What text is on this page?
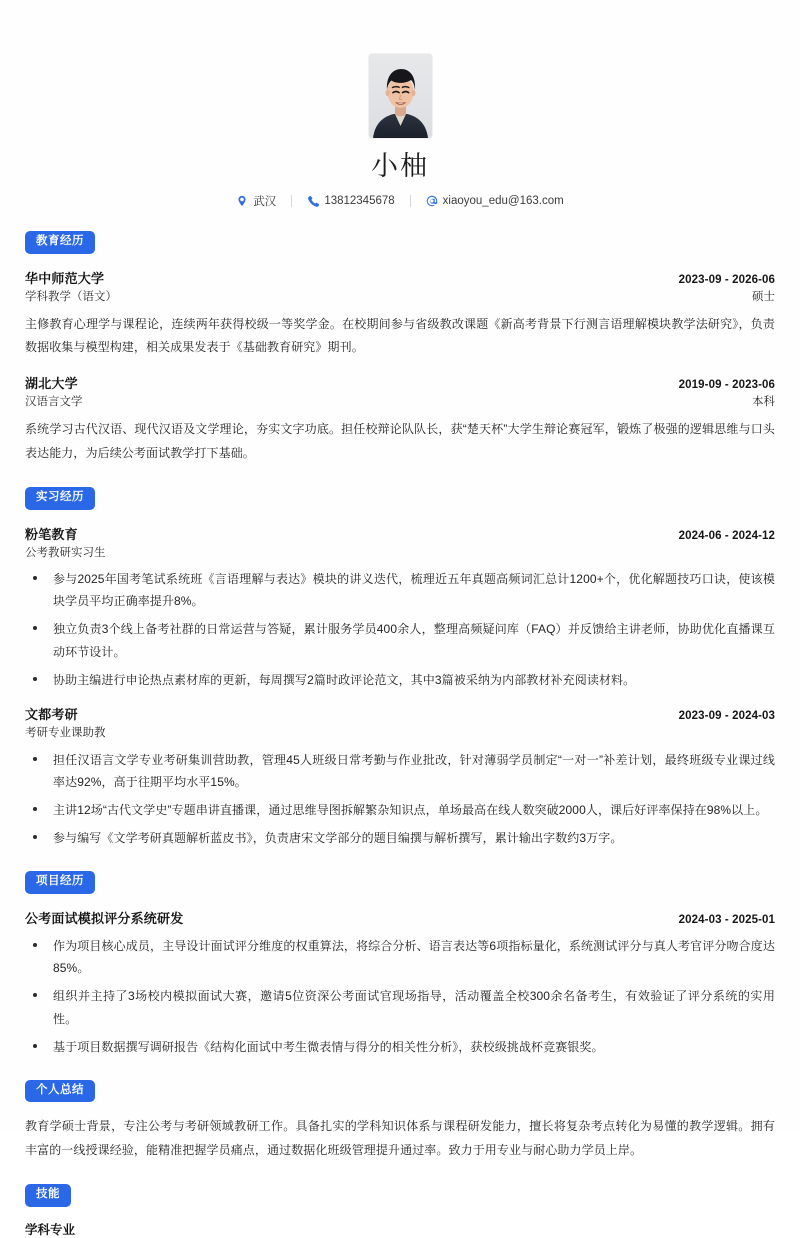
小柚
武汉	13812345678	xiaoyou_edu@163.com
教育经历
华中师范大学	2023-09 - 2026-06
学科教学（语文）	硕士

主修教育心理学与课程论，连续两年获得校级一等奖学金。在校期间参与省级教改课题《新高考背景下行测言语理解模块教学法研究》，负责数据收集与模型构建，相关成果发表于《基础教育研究》期刊。

湖北大学	2019-09 - 2023-06
汉语言文学	本科

系统学习古代汉语、现代汉语及文学理论，夯实文字功底。担任校辩论队队长，获“楚天杯”大学生辩论赛冠军，锻炼了极强的逻辑思维与口头表达能力，为后续公考面试教学打下基础。

实习经历
粉笔教育	2024-06 - 2024-12
公考教研实习生
参与2025年国考笔试系统班《言语理解与表达》模块的讲义迭代，梳理近五年真题高频词汇总计1200+个，优化解题技巧口诀，使该模块学员平均正确率提升8%。
独立负责3个线上备考社群的日常运营与答疑，累计服务学员400余人，整理高频疑问库（FAQ）并反馈给主讲老师，协助优化直播课互动环节设计。
协助主编进行申论热点素材库的更新，每周撰写2篇时政评论范文，其中3篇被采纳为内部教材补充阅读材料。
文都考研	2023-09 - 2024-03
考研专业课助教
担任汉语言文学专业考研集训营助教，管理45人班级日常考勤与作业批改，针对薄弱学员制定“一对一”补差计划，最终班级专业课过线率达92%，高于往期平均水平15%。
主讲12场“古代文学史”专题串讲直播课，通过思维导图拆解繁杂知识点，单场最高在线人数突破2000人，课后好评率保持在98%以上。
参与编写《文学考研真题解析蓝皮书》，负责唐宋文学部分的题目编撰与解析撰写，累计输出字数约3万字。
项目经历
公考面试模拟评分系统研发	2024-03 - 2025-01
作为项目核心成员，主导设计面试评分维度的权重算法，将综合分析、语言表达等6项指标量化，系统测试评分与真人考官评分吻合度达85%。
组织并主持了3场校内模拟面试大赛，邀请5位资深公考面试官现场指导，活动覆盖全校300余名备考生，有效验证了评分系统的实用性。
基于项目数据撰写调研报告《结构化面试中考生微表情与得分的相关性分析》，获校级挑战杯竞赛银奖。
个人总结

教育学硕士背景，专注公考与考研领域教研工作。具备扎实的学科知识体系与课程研发能力，擅长将复杂考点转化为易懂的教学逻辑。拥有丰富的一线授课经验，能精准把握学员痛点，通过数据化班级管理提升通过率。致力于用专业与耐心助力学员上岸。

技能
学科专业
